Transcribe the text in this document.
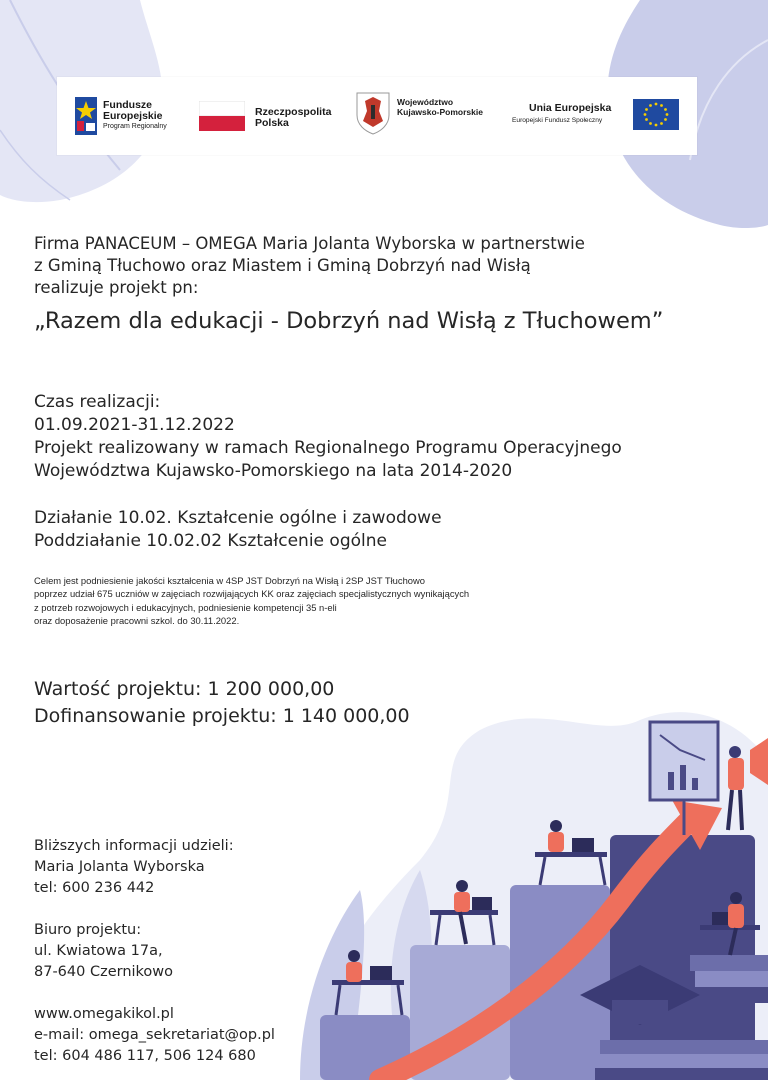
Fundusze
Europejskie
Program Regionalny
Rzeczpospolita
Polska
Województwo
Kujawsko-Pomorskie	Unia Europejska
Europejski Fundusz Społeczny
Firma PANACEUM – OMEGA Maria Jolanta Wyborska w partnerstwie
z Gminą Tłuchowo oraz Miastem i Gminą Dobrzyń nad Wisłą
realizuje projekt pn:
„Razem dla edukacji - Dobrzyń nad Wisłą z Tłuchowem”
Czas realizacji:
01.09.2021-31.12.2022
Projekt realizowany w ramach Regionalnego Programu Operacyjnego
Województwa Kujawsko-Pomorskiego na lata 2014-2020
Działanie 10.02. Kształcenie ogólne i zawodowe
Poddziałanie 10.02.02 Kształcenie ogólne
Celem jest podniesienie jakości kształcenia w 4SP JST Dobrzyń na Wisłą i 2SP JST Tłuchowo
poprzez udział 675 uczniów w zajęciach rozwijających KK oraz zajęciach specjalistycznych wynikających
z potrzeb rozwojowych i edukacyjnych, podniesienie kompetencji 35 n-eli
oraz doposażenie pracowni szkol. do 30.11.2022.
Wartość projektu: 1 200 000,00
Dofinansowanie projektu: 1 140 000,00
Bliższych informacji udzieli:
Maria Jolanta Wyborska
tel: 600 236 442
Biuro projektu:
ul. Kwiatowa 17a,
87-640 Czernikowo
www.omegakikol.pl
e-mail: omega_sekretariat@op.pl
tel: 604 486 117, 506 124 680
